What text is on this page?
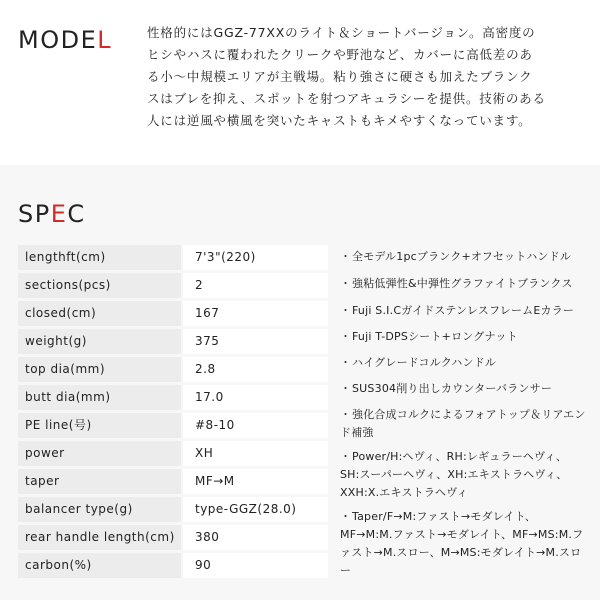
MODEL	性格的にはGGZ-77XXのライト＆ショートバージョン。高密度の
ヒシやハスに覆われたクリークや野池など、カバーに高低差のあ
る小～中規模エリアが主戦場。粘り強さに硬さも加えたブランク
スはブレを抑え、スポットを射つアキュラシーを提供。技術のある
人には逆風や横風を突いたキャストもキメやすくなっています。

SPEC
lengthft(cm)	7'3"(220)
sections(pcs)	2
closed(cm)	167
weight(g)	375
top dia(mm)	2.8
butt dia(mm)	17.0
PE line(号)	#8-10
power	XH
taper	MF→M
balancer type(g)	type-GGZ(28.0)
rear handle length(cm)	380
carbon(%)	90
・全モデル1pcブランク+オフセットハンドル
・強粘低弾性&中弾性グラファイトブランクス
・Fuji S.I.CガイドステンレスフレームEカラー
・Fuji T-DPSシート+ロングナット
・ハイグレードコルクハンドル
・SUS304削り出しカウンターバランサー
・強化合成コルクによるフォアトップ＆リアエンド補強
・Power/H:ヘヴィ、RH:レギュラーヘヴィ、SH:スーパーヘヴィ、XH:エキストラヘヴィ、XXH:X.エキストラヘヴィ
・Taper/F→M:ファスト→モダレイト、MF→M:M.ファスト→モダレイト、MF→MS:M.ファスト→M.スロー、M→MS:モダレイト→M.スロー
